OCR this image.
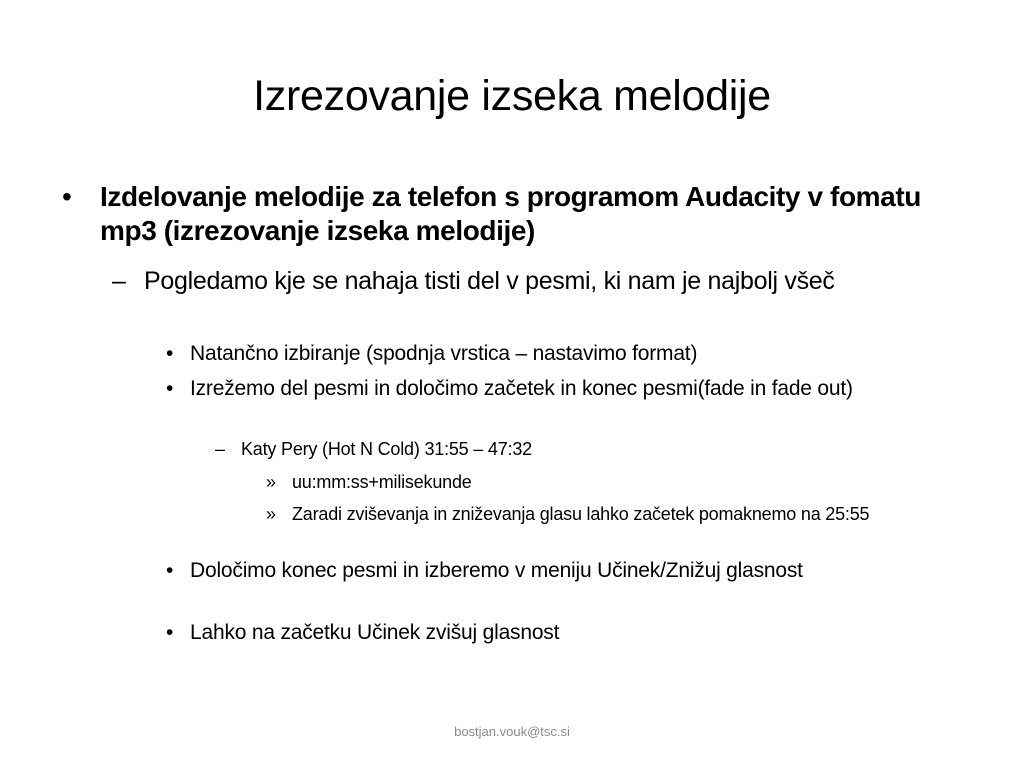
Izrezovanje izseka melodije

• Izdelovanje melodije za telefon s programom Audacity v fomatu mp3 (izrezovanje izseka melodije)

– Pogledamo kje se nahaja tisti del v pesmi, ki nam je najbolj všeč

• Natančno izbiranje (spodnja vrstica – nastavimo format)

• Izrežemo del pesmi in določimo začetek in konec pesmi(fade in fade out)

– Katy Pery (Hot N Cold) 31:55 – 47:32

» uu:mm:ss+milisekunde

» Zaradi zviševanja in zniževanja glasu lahko začetek pomaknemo na 25:55

• Določimo konec pesmi in izberemo v meniju Učinek/Znižuj glasnost

• Lahko na začetku Učinek zvišuj glasnost

bostjan.vouk@tsc.si
